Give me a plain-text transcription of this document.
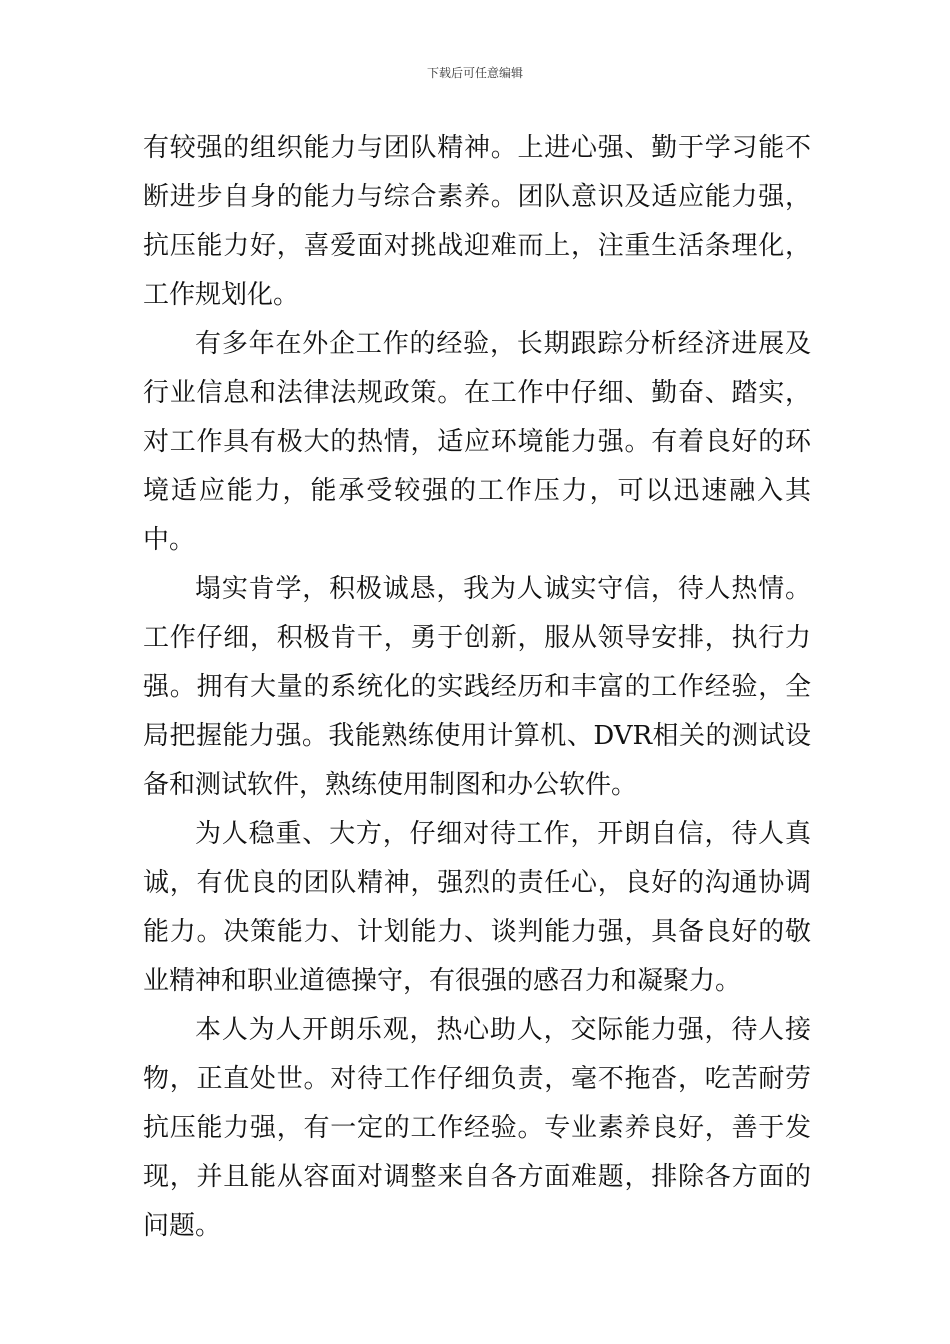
下载后可任意编辑

有较强的组织能力与团队精神。上进心强、勤于学习能不断进步自身的能力与综合素养。团队意识及适应能力强，抗压能力好，喜爱面对挑战迎难而上，注重生活条理化，工作规划化。

有多年在外企工作的经验，长期跟踪分析经济进展及行业信息和法律法规政策。在工作中仔细、勤奋、踏实，对工作具有极大的热情，适应环境能力强。有着良好的环境适应能力，能承受较强的工作压力，可以迅速融入其中。

塌实肯学，积极诚恳，我为人诚实守信，待人热情。工作仔细，积极肯干，勇于创新，服从领导安排，执行力强。拥有大量的系统化的实践经历和丰富的工作经验，全局把握能力强。我能熟练使用计算机、DVR相关的测试设备和测试软件，熟练使用制图和办公软件。

为人稳重、大方，仔细对待工作，开朗自信，待人真诚，有优良的团队精神，强烈的责任心，良好的沟通协调能力。决策能力、计划能力、谈判能力强，具备良好的敬业精神和职业道德操守，有很强的感召力和凝聚力。

本人为人开朗乐观，热心助人，交际能力强，待人接物，正直处世。对待工作仔细负责，毫不拖沓，吃苦耐劳抗压能力强，有一定的工作经验。专业素养良好，善于发现，并且能从容面对调整来自各方面难题，排除各方面的问题。
